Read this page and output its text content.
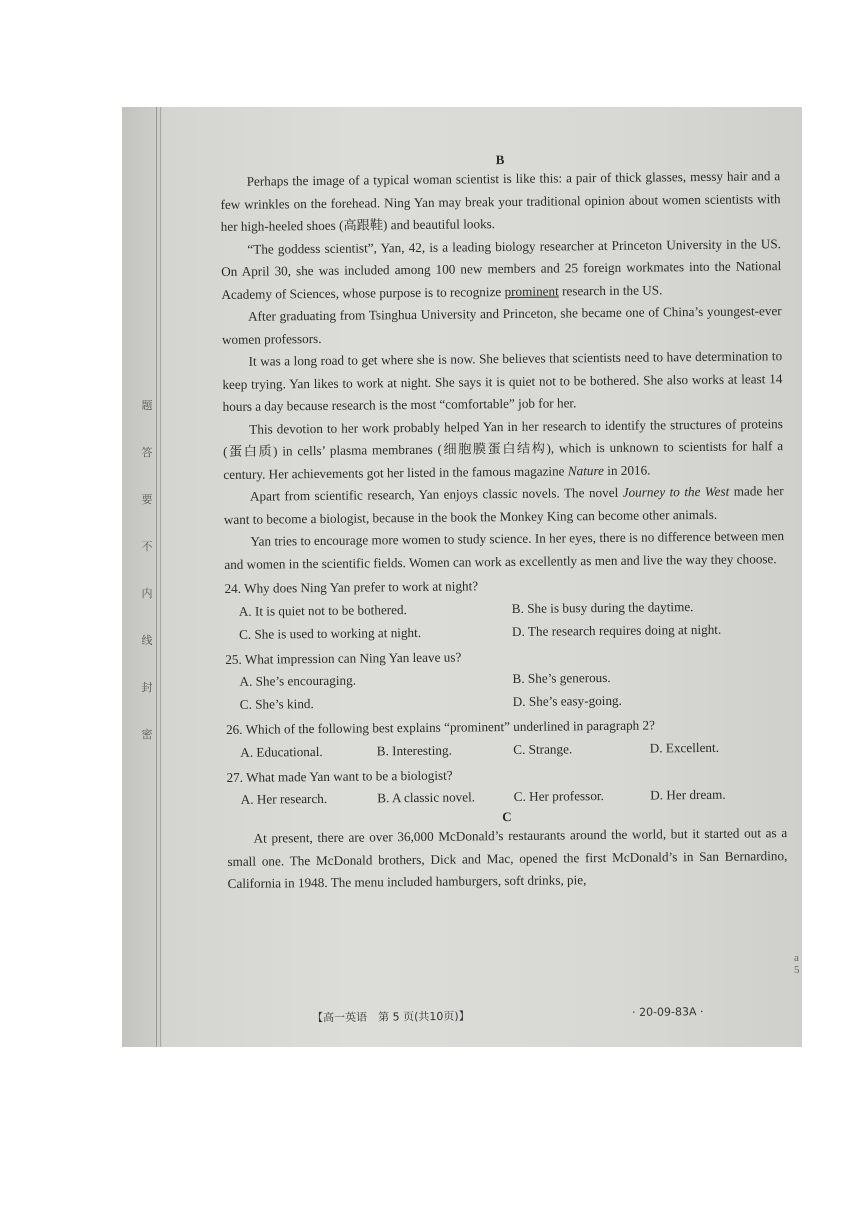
题
答
要
不
内
线
封
密

B

Perhaps the image of a typical woman scientist is like this: a pair of thick glasses, messy hair and a few wrinkles on the forehead. Ning Yan may break your traditional opinion about women scientists with her high-heeled shoes (高跟鞋) and beautiful looks.

“The goddess scientist”, Yan, 42, is a leading biology researcher at Princeton University in the US. On April 30, she was included among 100 new members and 25 foreign workmates into the National Academy of Sciences, whose purpose is to recognize prominent research in the US.

After graduating from Tsinghua University and Princeton, she became one of China’s youngest-ever women professors.

It was a long road to get where she is now. She believes that scientists need to have determination to keep trying. Yan likes to work at night. She says it is quiet not to be bothered. She also works at least 14 hours a day because research is the most “comfortable” job for her.

This devotion to her work probably helped Yan in her research to identify the structures of proteins (蛋白质) in cells’ plasma membranes (细胞膜蛋白结构), which is unknown to scientists for half a century. Her achievements got her listed in the famous magazine Nature in 2016.

Apart from scientific research, Yan enjoys classic novels. The novel Journey to the West made her want to become a biologist, because in the book the Monkey King can become other animals.

Yan tries to encourage more women to study science. In her eyes, there is no difference between men and women in the scientific fields. Women can work as excellently as men and live the way they choose.

24. Why does Ning Yan prefer to work at night?

A. It is quiet not to be bothered.	B. She is busy during the daytime.
C. She is used to working at night.	D. The research requires doing at night.

25. What impression can Ning Yan leave us?

A. She’s encouraging.	B. She’s generous.
C. She’s kind.	D. She’s easy-going.

26. Which of the following best explains “prominent” underlined in paragraph 2?

A. Educational.	B. Interesting.	C. Strange.	D. Excellent.

27. What made Yan want to be a biologist?

A. Her research.	B. A classic novel.	C. Her professor.	D. Her dream.

C

At present, there are over 36,000 McDonald’s restaurants around the world, but it started out as a small one. The McDonald brothers, Dick and Mac, opened the first McDonald’s in San Bernardino, California in 1948. The menu included hamburgers, soft drinks, pie,

a
5
【高一英语　第 5 页(共10页)】	· 20-09-83A ·
